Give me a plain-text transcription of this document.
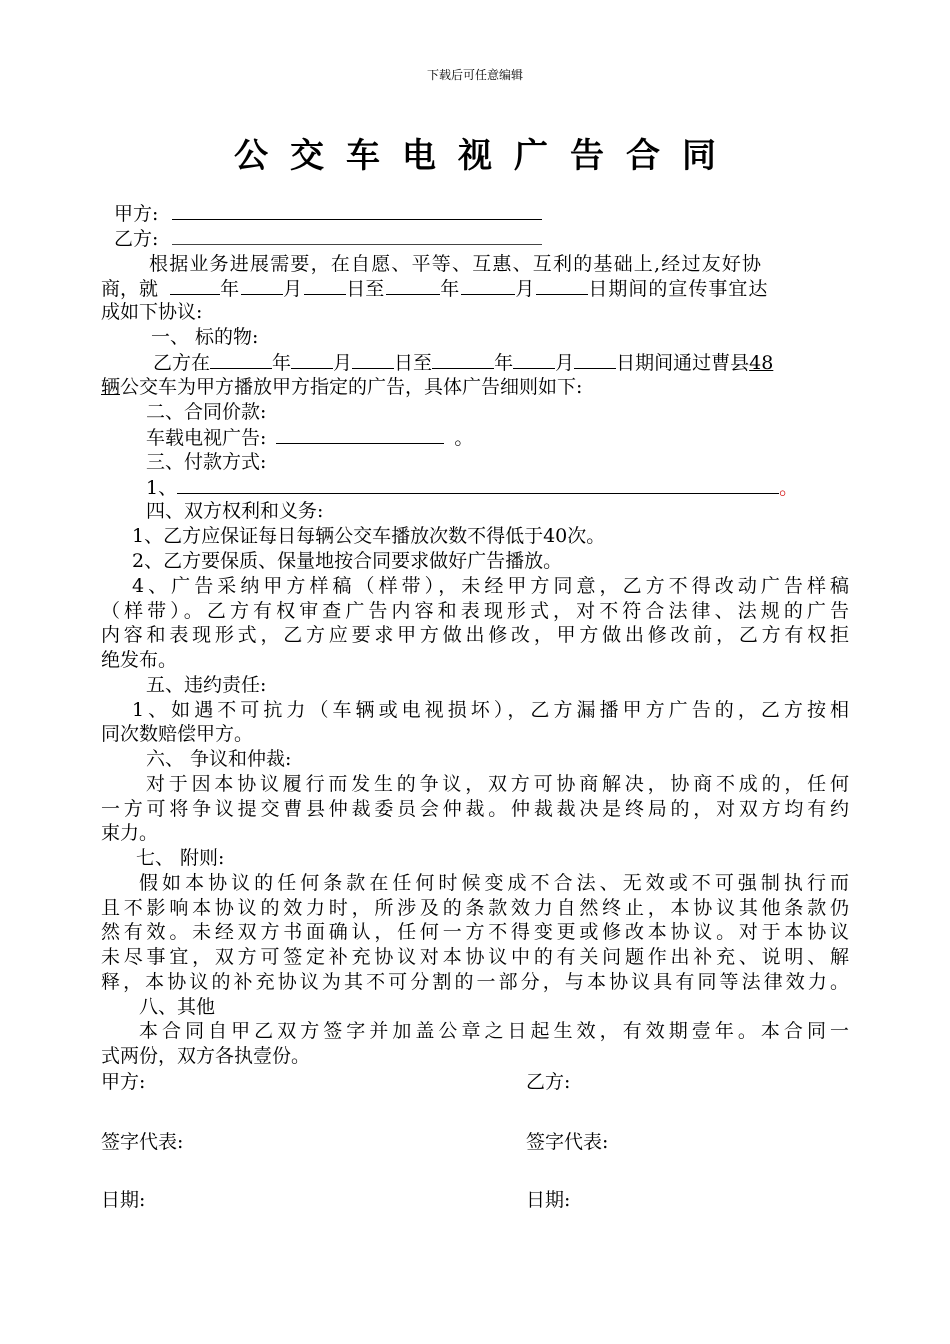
下载后可任意编辑
公交车电视广告合同
甲方:
乙方:
根据业务进展需要，在自愿、平等、互惠、互利的基础上,经过友好协
商，就	年 月 日至	年	月	日期间的宣传事宜达
成如下协议:
一、 标的物:
乙方在	年 月 日至	年 月 日期间通过曹县48
辆公交车为甲方播放甲方指定的广告，具体广告细则如下:
二、合同价款:
车载电视广告:	。
三、付款方式:
1、	。
四、双方权利和义务:
1、乙方应保证每日每辆公交车播放次数不得低于40次。
2、乙方要保质、保量地按合同要求做好广告播放。
4、广告采纳甲方样稿（样带），未经甲方同意，乙方不得改动广告样稿
（样带）。乙方有权审查广告内容和表现形式，对不符合法律、法规的广告
内容和表现形式，乙方应要求甲方做出修改，甲方做出修改前，乙方有权拒
绝发布。
五、违约责任:
1、如遇不可抗力（车辆或电视损坏），乙方漏播甲方广告的，乙方按相
同次数赔偿甲方。
六、 争议和仲裁:
对于因本协议履行而发生的争议，双方可协商解决，协商不成的，任何
一方可将争议提交曹县仲裁委员会仲裁。仲裁裁决是终局的，对双方均有约
束力。
七、 附则:
假如本协议的任何条款在任何时候变成不合法、无效或不可强制执行而
且不影响本协议的效力时，所涉及的条款效力自然终止，本协议其他条款仍
然有效。未经双方书面确认，任何一方不得变更或修改本协议。对于本协议
未尽事宜，双方可签定补充协议对本协议中的有关问题作出补充、说明、解
释，本协议的补充协议为其不可分割的一部分，与本协议具有同等法律效力。
八、其他
本合同自甲乙双方签字并加盖公章之日起生效，有效期壹年。本合同一
式两份，双方各执壹份。
甲方:	乙方:
签字代表:	签字代表:
日期:	日期:
